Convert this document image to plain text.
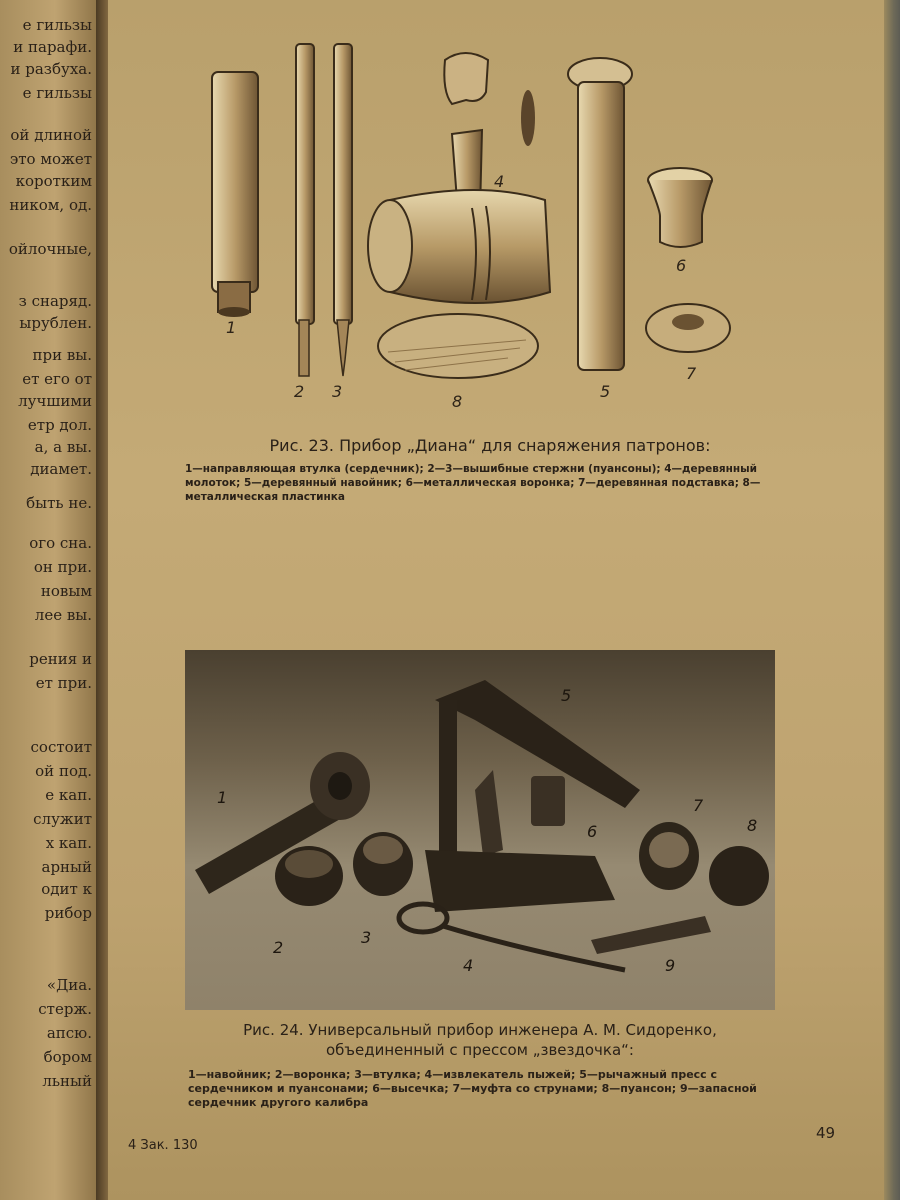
е гильзы
и парафи.
и разбуха.
е гильзы
ой длиной
это может
коротким
ником, од.
ойлочные,
з снаряд.
ырублен.
при вы.
ет его от
лучшими
етр дол.
а, а вы.
диамет.
быть не.
ого сна.
он при.
новым
лее вы.
рения и
ет при.
состоит
ой под.
е кап.
служит
х кап.
арный
одит к
рибор
«Диа.
стерж.
апсю.
бором
льный
1
2 3
4
5
6
7
8
Рис. 23. Прибор „Диана“ для снаряжения патронов:
1—направляющая втулка (сердечник); 2—3—вышибные стержни (пуансоны); 4—деревянный молоток; 5—деревянный навойник; 6—металлическая воронка; 7—деревянная подставка; 8—металлическая пластинка
1
2
3
4
5
6
7
8
9
Рис. 24. Универсальный прибор инженера А. М. Сидоренко,
объединенный с прессом „звездочка“:
1—навойник; 2—воронка; 3—втулка; 4—извлекатель пыжей; 5—рычажный пресс с сердечником и пуансонами; 6—высечка; 7—муфта со струнами; 8—пуансон; 9—запасной сердечник другого калибра
4 Зак. 130
49
